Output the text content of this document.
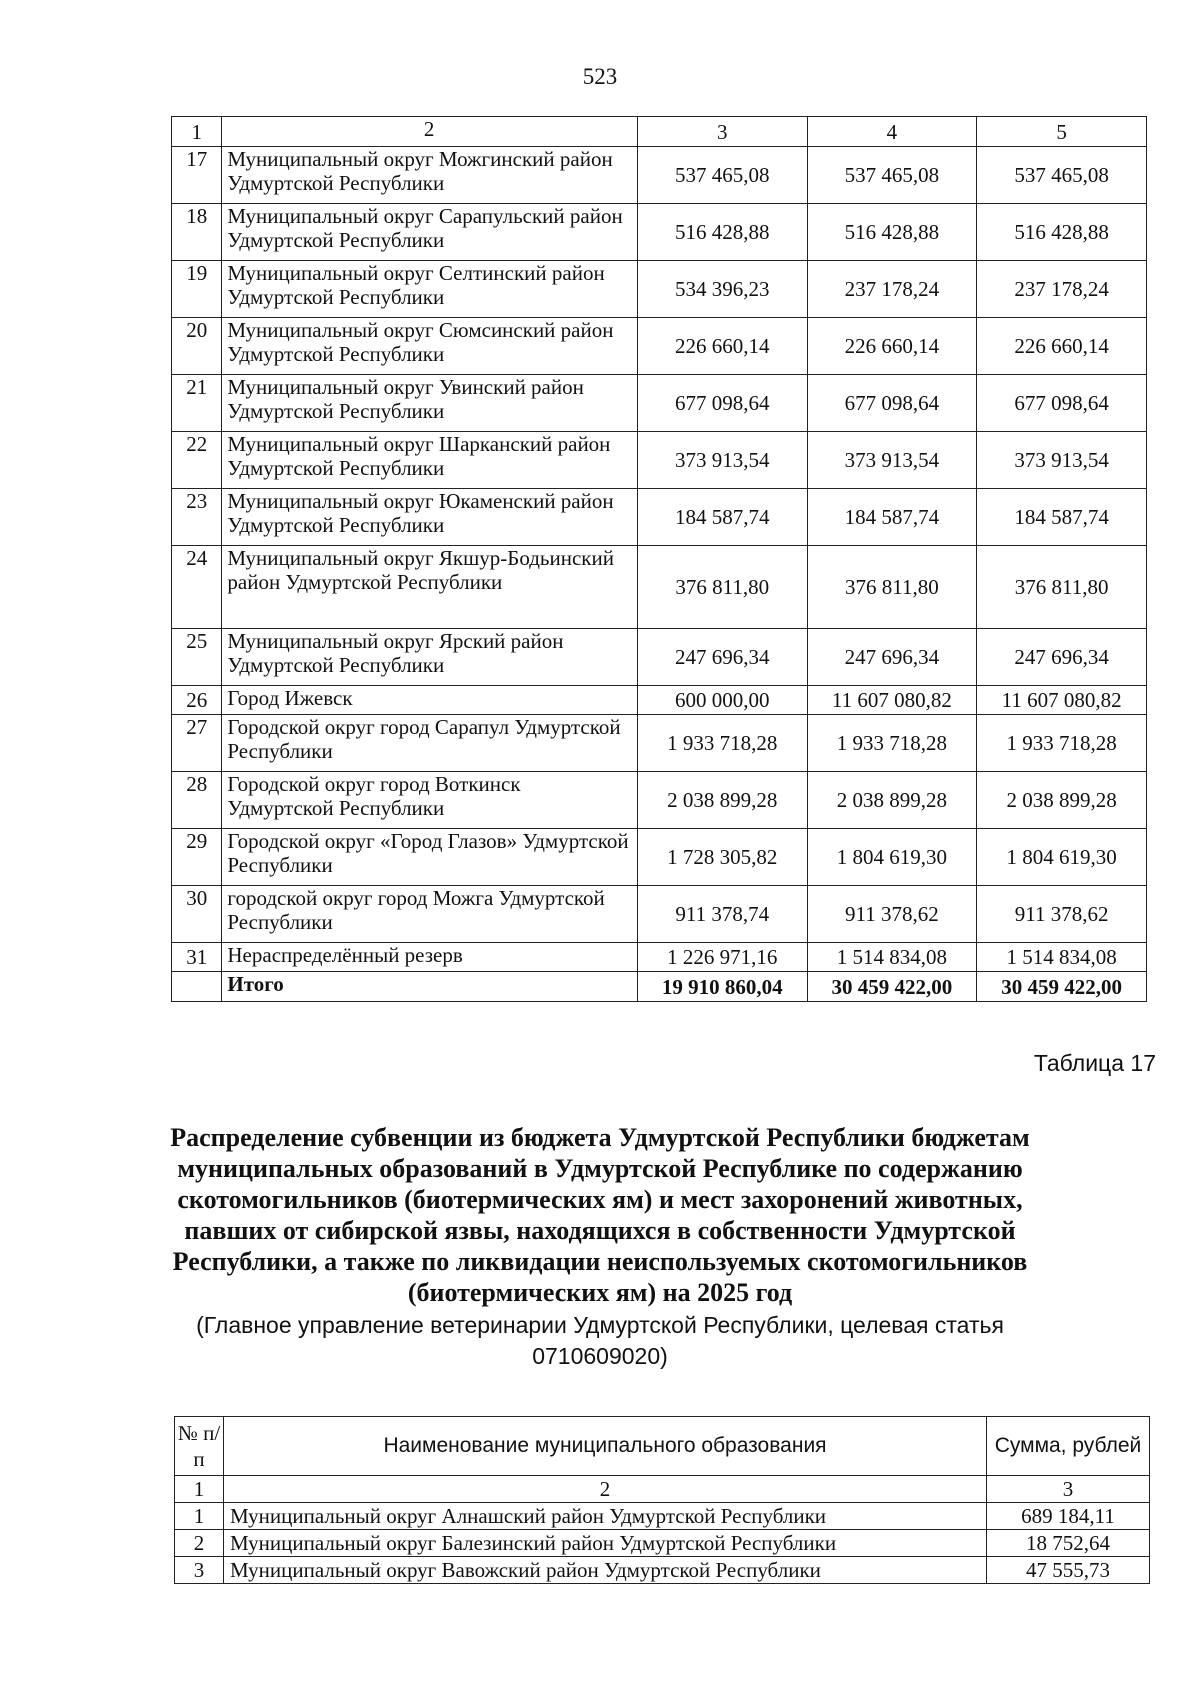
523
1	2	3	4	5
17	Муниципальный округ Можгинский район Удмуртской Республики	537 465,08	537 465,08	537 465,08
18	Муниципальный округ Сарапульский район Удмуртской Республики	516 428,88	516 428,88	516 428,88
19	Муниципальный округ Селтинский район Удмуртской Республики	534 396,23	237 178,24	237 178,24
20	Муниципальный округ Сюмсинский район Удмуртской Республики	226 660,14	226 660,14	226 660,14
21	Муниципальный округ Увинский район Удмуртской Республики	677 098,64	677 098,64	677 098,64
22	Муниципальный округ Шарканский район Удмуртской Республики	373 913,54	373 913,54	373 913,54
23	Муниципальный округ Юкаменский район Удмуртской Республики	184 587,74	184 587,74	184 587,74
24	Муниципальный округ Якшур-Бодьинский район Удмуртской Республики	376 811,80	376 811,80	376 811,80
25	Муниципальный округ Ярский район Удмуртской Республики	247 696,34	247 696,34	247 696,34
26	Город Ижевск	600 000,00	11 607 080,82	11 607 080,82
27	Городской округ город Сарапул Удмуртской Республики	1 933 718,28	1 933 718,28	1 933 718,28
28	Городской округ город Воткинск Удмуртской Республики	2 038 899,28	2 038 899,28	2 038 899,28
29	Городской округ «Город Глазов» Удмуртской Республики	1 728 305,82	1 804 619,30	1 804 619,30
30	городской округ город Можга Удмуртской Республики	911 378,74	911 378,62	911 378,62
31	Нераспределённый резерв	1 226 971,16	1 514 834,08	1 514 834,08
	Итого	19 910 860,04	30 459 422,00	30 459 422,00
Таблица 17
Распределение субвенции из бюджета Удмуртской Республики бюджетам муниципальных образований в Удмуртской Республике по содержанию скотомогильников (биотермических ям) и мест захоронений животных, павших от сибирской язвы, находящихся в собственности Удмуртской Республики, а также по ликвидации неиспользуемых скотомогильников (биотермических ям) на 2025 год
(Главное управление ветеринарии Удмуртской Республики, целевая статья 0710609020)
№ п/п	Наименование муниципального образования	Сумма, рублей
1	2	3
1	Муниципальный округ Алнашский район Удмуртской Республики	689 184,11
2	Муниципальный округ Балезинский район Удмуртской Республики	18 752,64
3	Муниципальный округ Вавожский район Удмуртской Республики	47 555,73
